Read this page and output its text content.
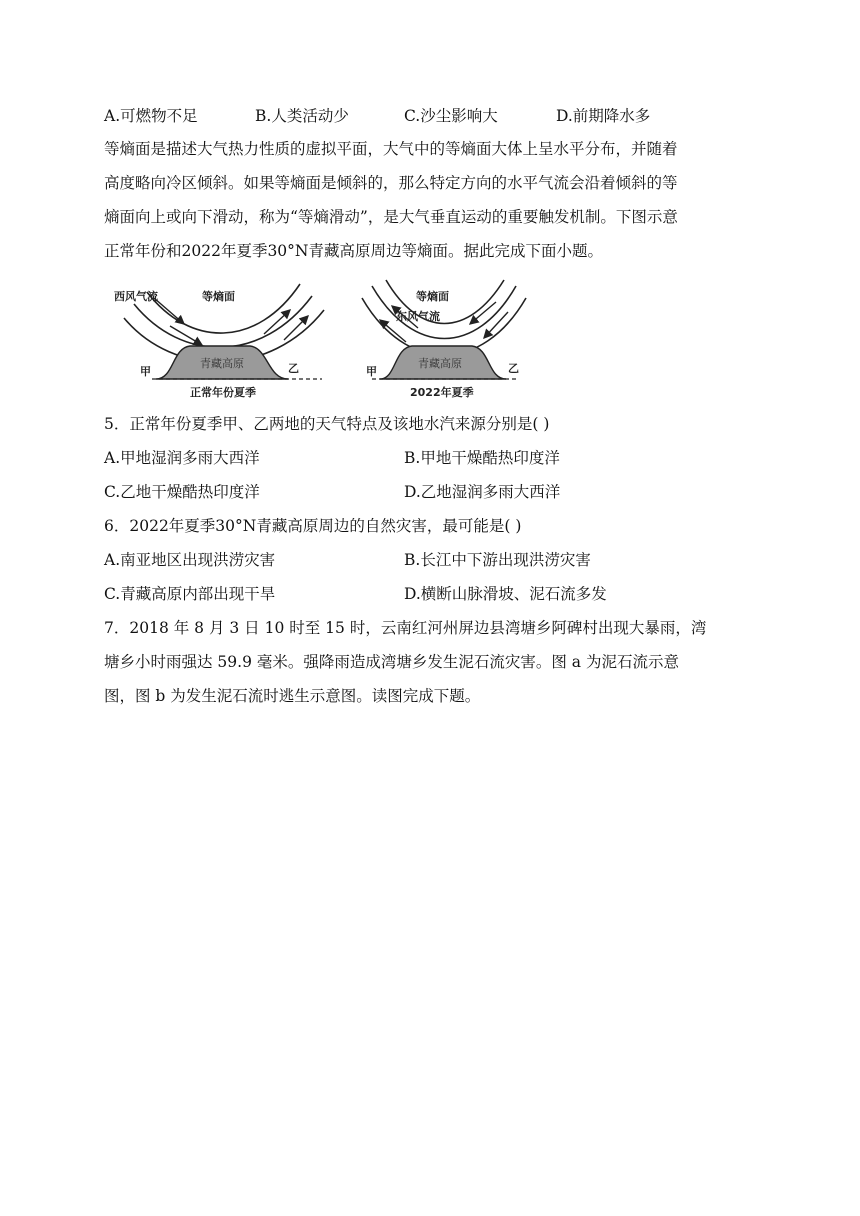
A.可燃物不足	B.人类活动少	C.沙尘影响大	D.前期降水多
等熵面是描述大气热力性质的虚拟平面，大气中的等熵面大体上呈水平分布，并随着
高度略向冷区倾斜。如果等熵面是倾斜的，那么特定方向的水平气流会沿着倾斜的等
熵面向上或向下滑动，称为“等熵滑动”，是大气垂直运动的重要触发机制。下图示意
正常年份和2022年夏季30°N青藏高原周边等熵面。据此完成下面小题。
西风气流	等熵面
青藏高原
甲	乙
正常年份夏季
等熵面
东风气流
青藏高原
甲	乙
2022年夏季
5．正常年份夏季甲、乙两地的天气特点及该地水汽来源分别是( )
A.甲地湿润多雨大西洋	B.甲地干燥酷热印度洋
C.乙地干燥酷热印度洋	D.乙地湿润多雨大西洋
6．2022年夏季30°N青藏高原周边的自然灾害，最可能是( )
A.南亚地区出现洪涝灾害	B.长江中下游出现洪涝灾害
C.青藏高原内部出现干旱	D.横断山脉滑坡、泥石流多发
7．2018 年 8 月 3 日 10 时至 15 时，云南红河州屏边县湾塘乡阿碑村出现大暴雨，湾
塘乡小时雨强达 59.9 毫米。强降雨造成湾塘乡发生泥石流灾害。图 a 为泥石流示意
图，图 b 为发生泥石流时逃生示意图。读图完成下题。
